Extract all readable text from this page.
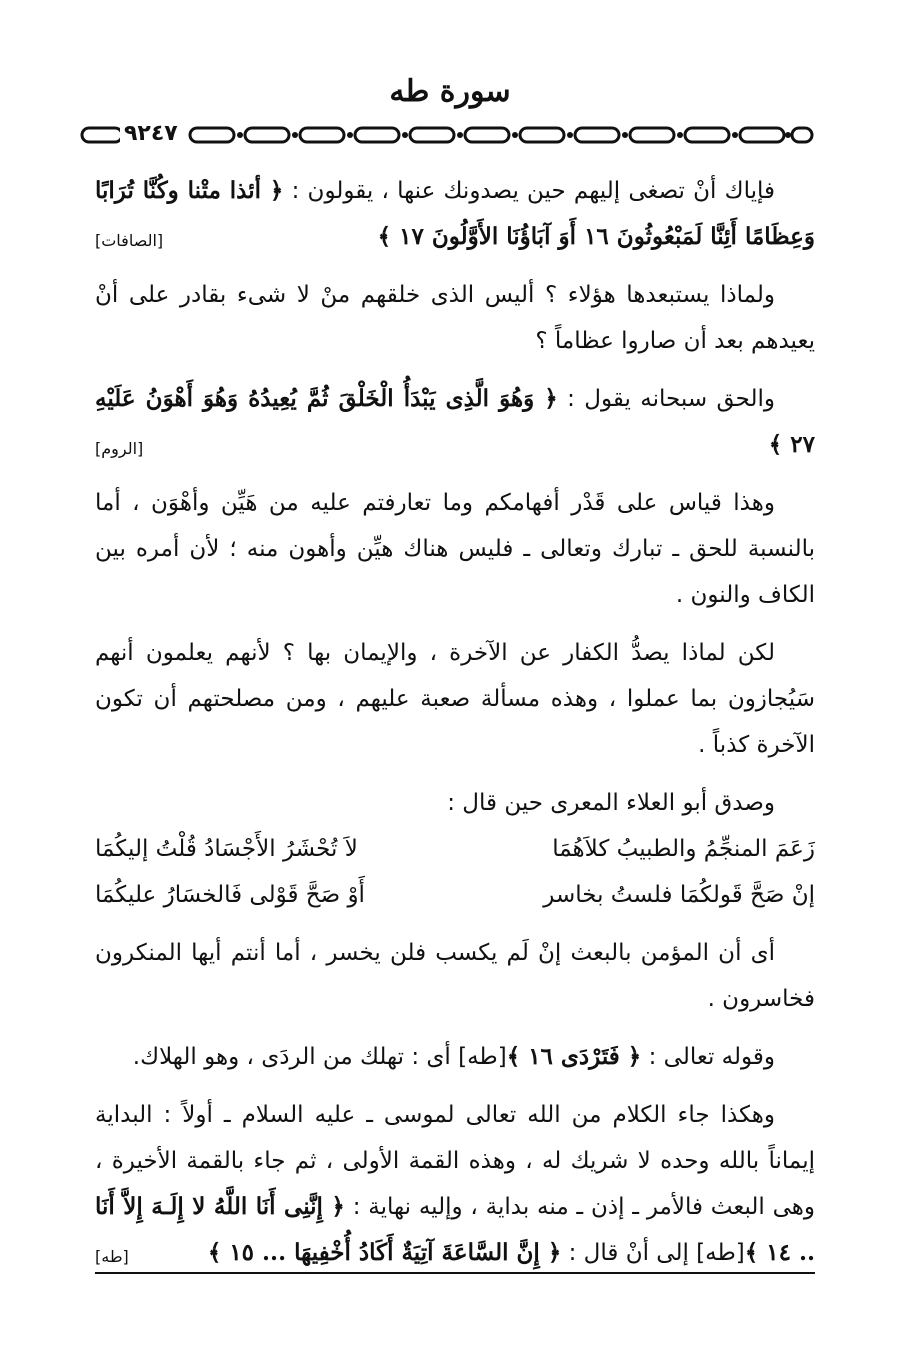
سورة طه
٩٢٤٧

فإياك أنْ تصغى إليهم حين يصدونك عنها ، يقولون : ﴿ أئذا متْنا وكُنَّا تُرَابًا وَعِظَامًا أَئِنَّا لَمَبْعُوثُونَ ١٦ أَوَ آبَاؤُنَا الأَوَّلُونَ ١٧ ﴾
[الصافات]

ولماذا يستبعدها هؤلاء ؟ أليس الذى خلقهم منْ لا شىء بقادر على أنْ يعيدهم بعد أن صاروا عظاماً ؟

والحق سبحانه يقول : ﴿ وَهُوَ الَّذِى يَبْدَأُ الْخَلْقَ ثُمَّ يُعِيدُهُ وَهُوَ أَهْوَنُ عَلَيْهِ ٢٧ ﴾
[الروم]

وهذا قياس على قَدْر أفهامكم وما تعارفتم عليه من هَيِّن وأهْوَن ، أما بالنسبة للحق ـ تبارك وتعالى ـ فليس هناك هيِّن وأهون منه ؛ لأن أمره بين الكاف والنون .

لكن لماذا يصدُّ الكفار عن الآخرة ، والإيمان بها ؟ لأنهم يعلمون أنهم سَيُجازون بما عملوا ، وهذه مسألة صعبة عليهم ، ومن مصلحتهم أن تكون الآخرة كذباً .

وصدق أبو العلاء المعرى حين قال :

زَعَمَ المنجِّمُ والطبيبُ كلاَهُمَا
لاَ تُحْشَرُ الأَجْسَادُ قُلْتُ إليكُمَا
إنْ صَحَّ قَولكُمَا فلستُ بخاسر
أَوْ صَحَّ قَوْلى فَالخسَارُ عليكُمَا

أى أن المؤمن بالبعث إنْ لَم يكسب فلن يخسر ، أما أنتم أيها المنكرون فخاسرون .

وقوله تعالى : ﴿ فَتَرْدَى ١٦ ﴾[طه] أى : تهلك من الردَى ، وهو الهلاك.

وهكذا جاء الكلام من الله تعالى لموسى ـ عليه السلام ـ أولاً : البداية إيماناً بالله وحده لا شريك له ، وهذه القمة الأولى ، ثم جاء بالقمة الأخيرة ، وهى البعث فالأمر ـ إذن ـ منه بداية ، وإليه نهاية : ﴿ إِنَّنِى أَنَا اللَّهُ لا إِلَـهَ إِلاَّ أَنَا .. ١٤ ﴾[طه] إلى أنْ قال : ﴿ إِنَّ السَّاعَةَ آتِيَةٌ أَكَادُ أُخْفِيهَا ... ١٥ ﴾
[طه]
